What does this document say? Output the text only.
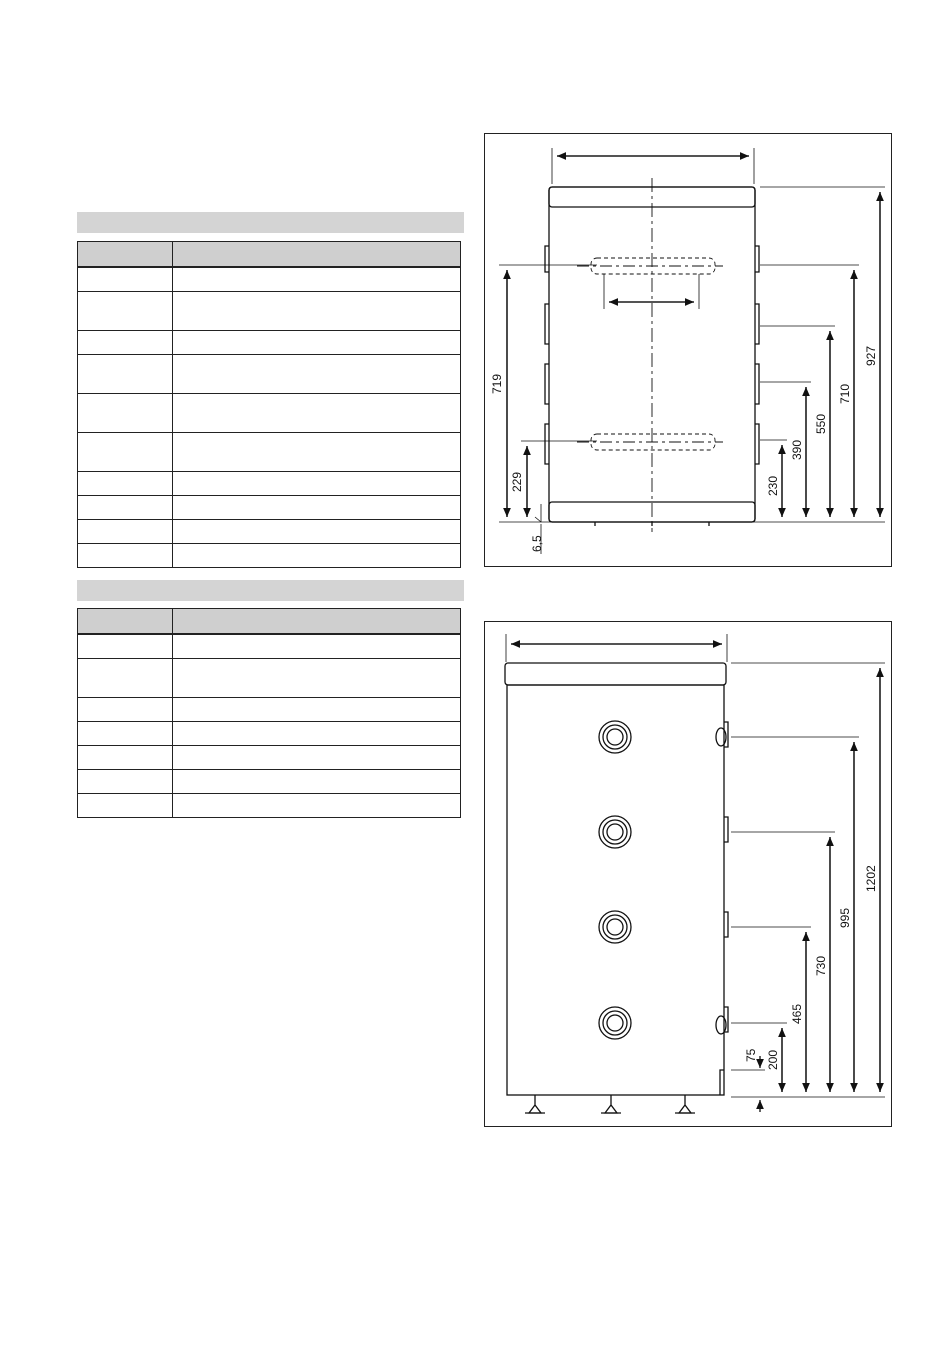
719
229
6,5
230
390
550
710
927
75 200
465
730
995
1202
